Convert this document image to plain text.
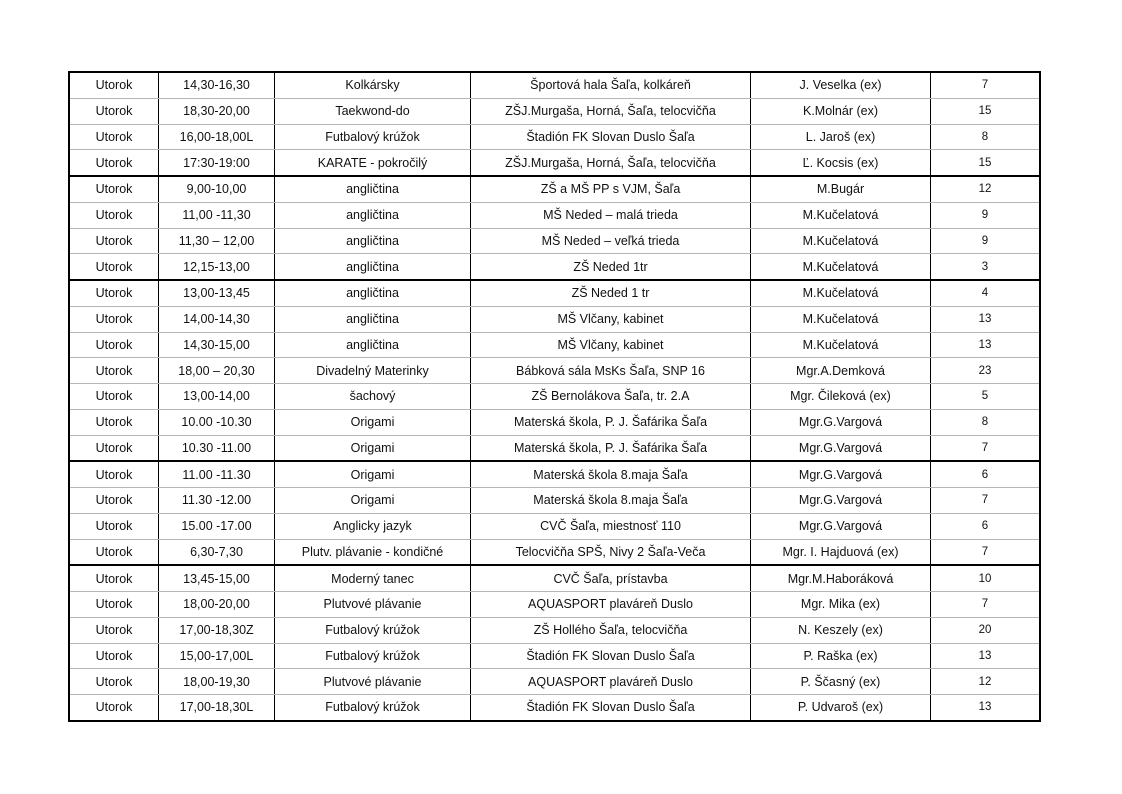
Utorok	14,30-16,30	Kolkársky	Športová hala Šaľa, kolkáreň	J. Veselka (ex)	7
Utorok	18,30-20,00	Taekwond-do	ZŠJ.Murgaša, Horná, Šaľa, telocvičňa	K.Molnár (ex)	15
Utorok	16,00-18,00L	Futbalový krúžok	Štadión FK Slovan Duslo Šaľa	L. Jaroš (ex)	8
Utorok	17:30-19:00	KARATE - pokročilý	ZŠJ.Murgaša, Horná, Šaľa, telocvičňa	Ľ. Kocsis (ex)	15
Utorok	9,00-10,00	angličtina	ZŠ a MŠ PP s VJM, Šaľa	M.Bugár	12
Utorok	11,00 -11,30	angličtina	MŠ Neded – malá trieda	M.Kučelatová	9
Utorok	11,30 – 12,00	angličtina	MŠ Neded – veľká trieda	M.Kučelatová	9
Utorok	12,15-13,00	angličtina	ZŠ Neded 1tr	M.Kučelatová	3
Utorok	13,00-13,45	angličtina	ZŠ Neded 1 tr	M.Kučelatová	4
Utorok	14,00-14,30	angličtina	MŠ Vlčany, kabinet	M.Kučelatová	13
Utorok	14,30-15,00	angličtina	MŠ Vlčany, kabinet	M.Kučelatová	13
Utorok	18,00 – 20,30	Divadelný Materinky	Bábková sála MsKs Šaľa, SNP 16	Mgr.A.Demková	23
Utorok	13,00-14,00	šachový	ZŠ Bernolákova Šaľa, tr. 2.A	Mgr. Čileková (ex)	5
Utorok	10.00 -10.30	Origami	Materská škola, P. J. Šafárika Šaľa	Mgr.G.Vargová	8
Utorok	10.30 -11.00	Origami	Materská škola, P. J. Šafárika Šaľa	Mgr.G.Vargová	7
Utorok	11.00 -11.30	Origami	Materská škola 8.maja Šaľa	Mgr.G.Vargová	6
Utorok	11.30 -12.00	Origami	Materská škola 8.maja Šaľa	Mgr.G.Vargová	7
Utorok	15.00 -17.00	Anglicky jazyk	CVČ Šaľa, miestnosť 110	Mgr.G.Vargová	6
Utorok	6,30-7,30	Plutv. plávanie - kondičné	Telocvičňa SPŠ, Nivy 2 Šaľa-Veča	Mgr. I. Hajduová (ex)	7
Utorok	13,45-15,00	Moderný tanec	CVČ Šaľa, prístavba	Mgr.M.Haboráková	10
Utorok	18,00-20,00	Plutvové plávanie	AQUASPORT plaváreň Duslo	Mgr. Mika (ex)	7
Utorok	17,00-18,30Z	Futbalový krúžok	ZŠ Hollého Šaľa, telocvičňa	N. Keszely (ex)	20
Utorok	15,00-17,00L	Futbalový krúžok	Štadión FK Slovan Duslo Šaľa	P. Raška (ex)	13
Utorok	18,00-19,30	Plutvové plávanie	AQUASPORT plaváreň Duslo	P. Ščasný (ex)	12
Utorok	17,00-18,30L	Futbalový krúžok	Štadión FK Slovan Duslo Šaľa	P. Udvaroš (ex)	13
